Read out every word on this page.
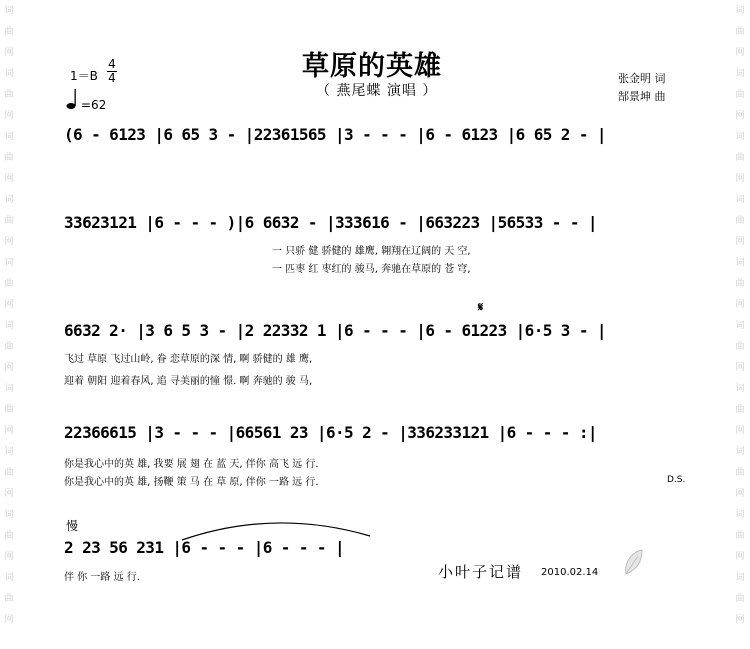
词
曲
网
词
曲
网
词
曲
网
词
曲
网
词
曲
网
词
曲
网
词
曲
网
词
曲
网
词
曲
网
词
曲
网
词
曲
网
词
曲
网
词
曲
网
词
曲
网
词
曲
网
词
曲
网
词
曲
网
词
曲
网
词
曲
网
词
曲
网
草原的英雄
（ 燕尾蝶 演唱 ）
张金明 词
郜景坤 曲
1＝B
4
4
=62
(6 - 6123 |6 65 3 - |22361565 |3 - - - |6 - 6123 |6 65 2 - |
33623121 |6 - - - )|6 6632 - |333616 - |663223 |56533 - - |
一 只骄 健 骄健的 雄鹰, 翱翔在辽阔的 天 空,
一 匹枣 红 枣红的 骏马, 奔驰在草原的 苍 穹,
𝄋
6632 2· |3 6 5 3 - |2 22332 1 |6 - - - |6 - 61223 |6·5 3 - |
飞过 草原 飞过山岭, 眷 恋草原的深 情, 啊 骄健的 雄 鹰,
迎着 朝阳 迎着春风, 追 寻美丽的憧 憬. 啊 奔驰的 骏 马,
22366615 |3 - - - |66561 23 |6·5 2 - |336233121 |6 - - - :|
你是我心中的英 雄, 我要 展 翅 在 蓝 天, 伴你 高飞 远 行.
你是我心中的英 雄, 扬鞭 策 马 在 草 原, 伴你 一路 远 行.	D.S.
慢
2 23 56 231 |6 - - - |6 - - - |
伴 你 一路 远 行.	小叶子记谱 2010.02.14
